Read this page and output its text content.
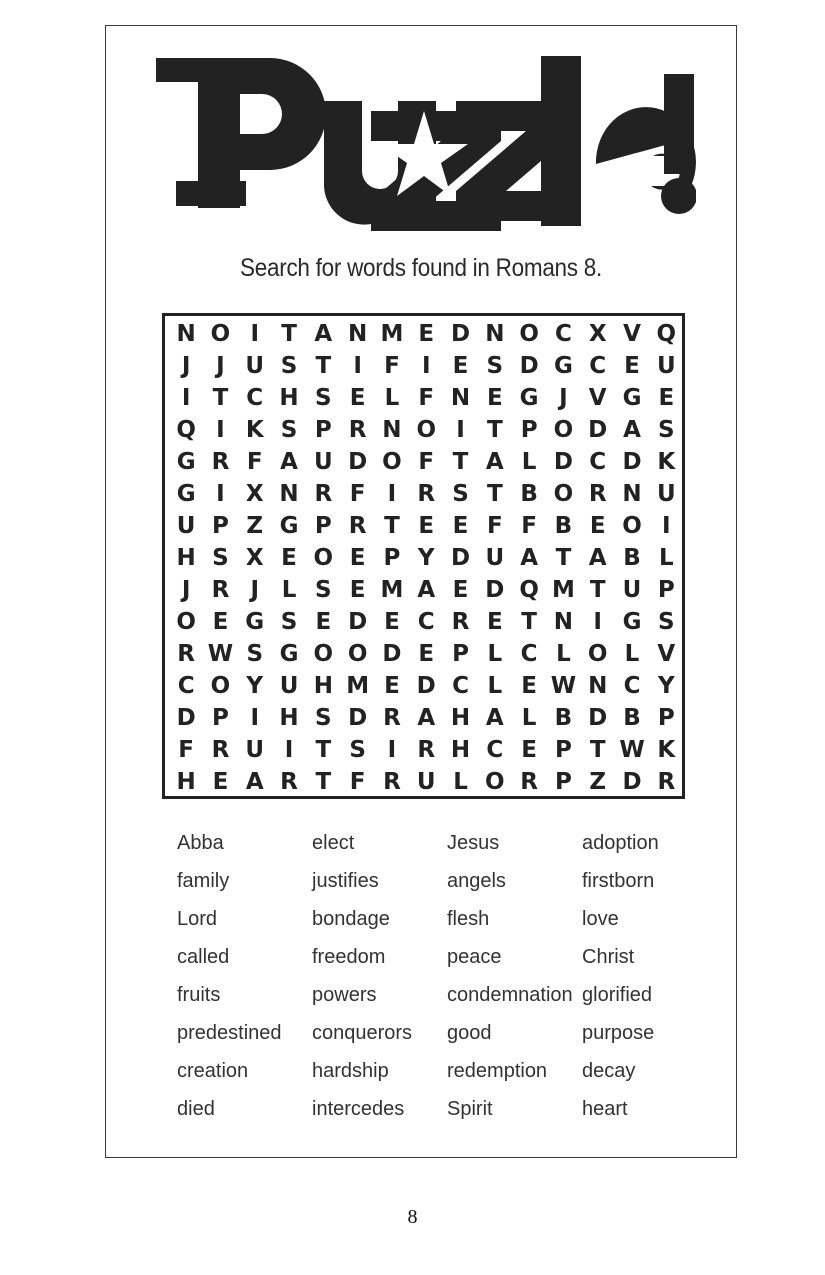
Search for words found in Romans 8.
N O I T A N M E D N O C X V Q
J	J U S T I F I E S D G C E U
I T C H S E L F N E G J V G E
Q I K S P R N O I T P O D A S
G R F A U D O F T A L D C D K
G I X N R F I R S T B O R N U
U P Z G P R T E E F F B E O I
H S X E O E P Y D U A T A B L
J R J L S E M A E D Q M T U P
O E G S E D E C R E T N I G S
R W S G O O D E P L C L O L V
C O Y U H M E D C L E W N C Y
D P I H S D R A H A L B D B P
F R U I T S I R H C E P T W K
H E A R T F R U L O R P Z D R
Abba	elect	Jesus	adoption
family	justifies	angels	firstborn
Lord	bondage	flesh	love
called	freedom	peace	Christ
fruits	powers	condemnation glorified
predestined	conquerors	good	purpose
creation	hardship	redemption	decay
died	intercedes	Spirit	heart
8
